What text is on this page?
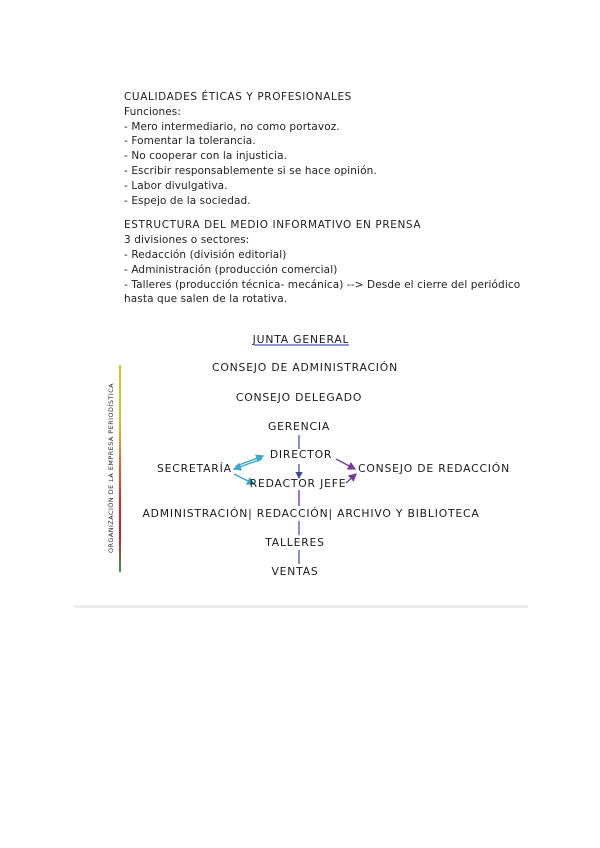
CUALIDADES ÉTICAS Y PROFESIONALES
Funciones:
- Mero intermediario, no como portavoz.
- Fomentar la tolerancia.
- No cooperar con la injusticia.
- Escribir responsablemente si se hace opinión.
- Labor divulgativa.
- Espejo de la sociedad.
ESTRUCTURA DEL MEDIO INFORMATIVO EN PRENSA
3 divisiones o sectores:
- Redacción (división editorial)
- Administración (producción comercial)
- Talleres (producción técnica- mecánica) --> Desde el cierre del periódico
hasta que salen de la rotativa.
JUNTA GENERAL
CONSEJO DE ADMINISTRACIÓN
CONSEJO DELEGADO
GERENCIA
DIRECTOR
SECRETARÍA	CONSEJO DE REDACCIÓN
REDACTOR JEFE
ADMINISTRACIÓN| REDACCIÓN| ARCHIVO Y BIBLIOTECA
TALLERES
VENTAS
ORGANIZACIÓN DE LA EMPRESA PERIODÍSTICA
